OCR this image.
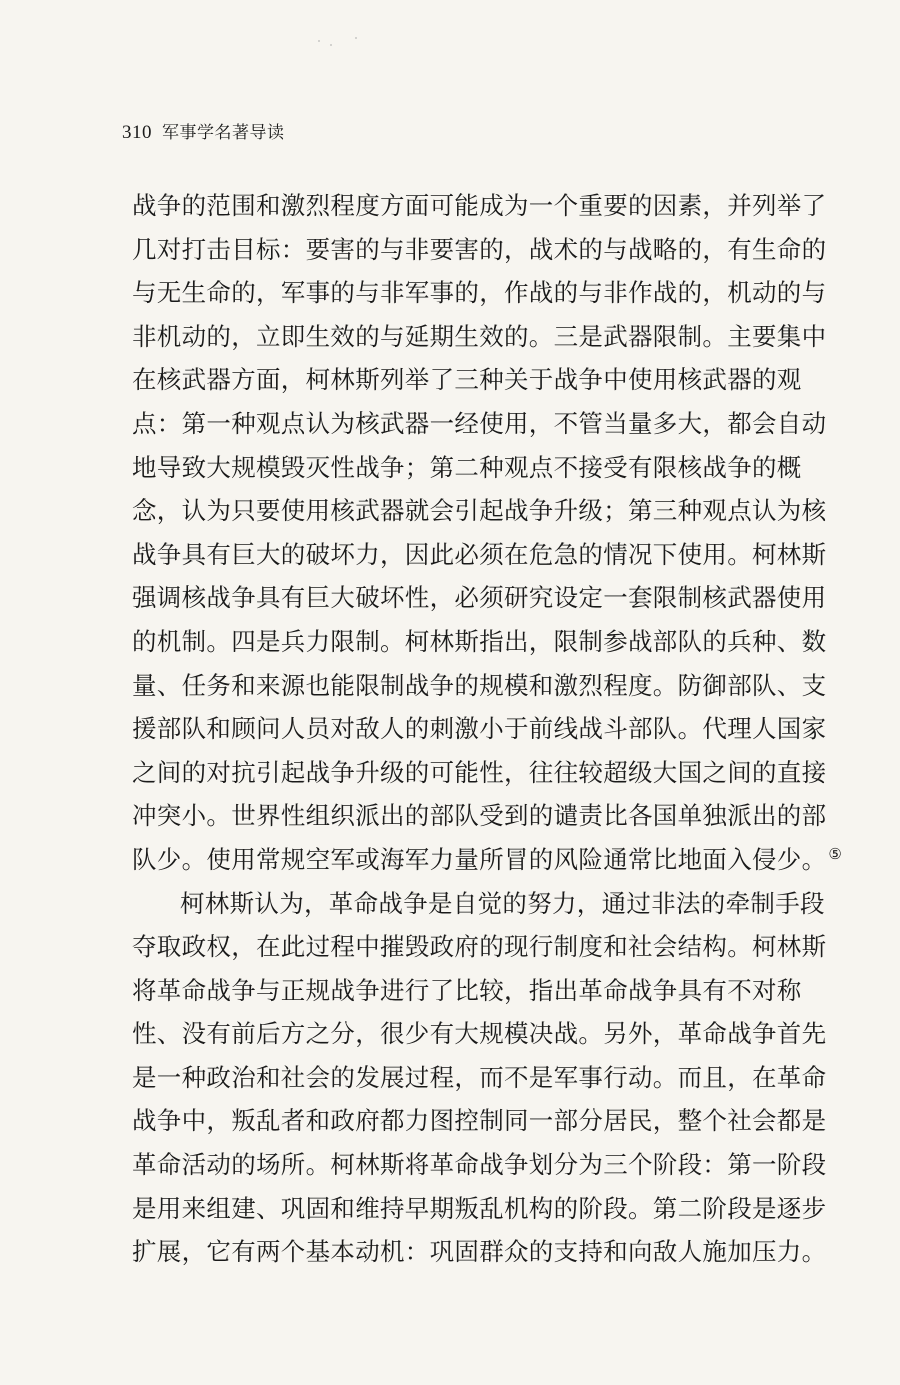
310 军事学名著导读
战争的范围和激烈程度方面可能成为一个重要的因素，并列举了
几对打击目标：要害的与非要害的，战术的与战略的，有生命的
与无生命的，军事的与非军事的，作战的与非作战的，机动的与
非机动的，立即生效的与延期生效的。三是武器限制。主要集中
在核武器方面，柯林斯列举了三种关于战争中使用核武器的观
点：第一种观点认为核武器一经使用，不管当量多大，都会自动
地导致大规模毁灭性战争；第二种观点不接受有限核战争的概
念，认为只要使用核武器就会引起战争升级；第三种观点认为核
战争具有巨大的破坏力，因此必须在危急的情况下使用。柯林斯
强调核战争具有巨大破坏性，必须研究设定一套限制核武器使用
的机制。四是兵力限制。柯林斯指出，限制参战部队的兵种、数
量、任务和来源也能限制战争的规模和激烈程度。防御部队、支
援部队和顾问人员对敌人的刺激小于前线战斗部队。代理人国家
之间的对抗引起战争升级的可能性，往往较超级大国之间的直接
冲突小。世界性组织派出的部队受到的谴责比各国单独派出的部
队少。使用常规空军或海军力量所冒的风险通常比地面入侵少。 ⑤
柯林斯认为，革命战争是自觉的努力，通过非法的牵制手段
夺取政权，在此过程中摧毁政府的现行制度和社会结构。柯林斯
将革命战争与正规战争进行了比较，指出革命战争具有不对称
性、没有前后方之分，很少有大规模决战。另外，革命战争首先
是一种政治和社会的发展过程，而不是军事行动。而且，在革命
战争中，叛乱者和政府都力图控制同一部分居民，整个社会都是
革命活动的场所。柯林斯将革命战争划分为三个阶段：第一阶段
是用来组建、巩固和维持早期叛乱机构的阶段。第二阶段是逐步
扩展，它有两个基本动机：巩固群众的支持和向敌人施加压力。
